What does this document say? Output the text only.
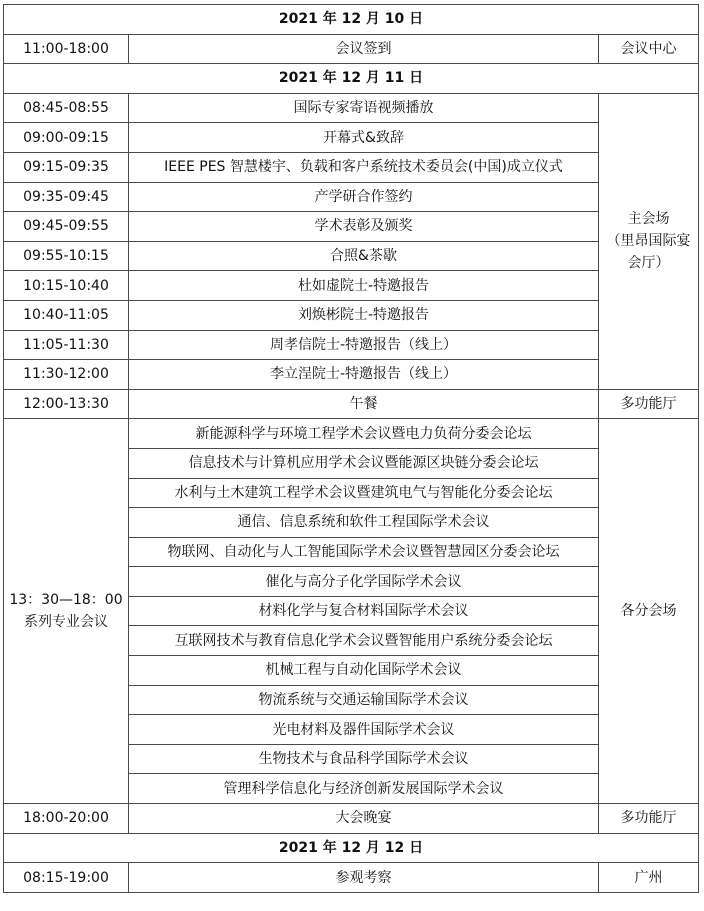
2021 年 12 月 10 日		
11:00-18:00	会议签到	会议中心
2021 年 12 月 11 日		
08:45-08:55	国际专家寄语视频播放	主会场
（里昂国际宴会厅）
09:00-09:15	开幕式&致辞	
09:15-09:35	IEEE PES 智慧楼宇、负载和客户系统技术委员会(中国)成立仪式	
09:35-09:45	产学研合作签约	
09:45-09:55	学术表彰及颁奖	
09:55-10:15	合照&茶歇	
10:15-10:40	杜如虚院士-特邀报告	
10:40-11:05	刘焕彬院士-特邀报告	
11:05-11:30	周孝信院士-特邀报告（线上）	
11:30-12:00	李立浧院士-特邀报告（线上）	
12:00-13:30	午餐	多功能厅
13：30—18：00
系列专业会议	新能源科学与环境工程学术会议暨电力负荷分委会论坛	各分会场
	信息技术与计算机应用学术会议暨能源区块链分委会论坛	
	水利与土木建筑工程学术会议暨建筑电气与智能化分委会论坛	
	通信、信息系统和软件工程国际学术会议	
	物联网、自动化与人工智能国际学术会议暨智慧园区分委会论坛	
	催化与高分子化学国际学术会议	
	材料化学与复合材料国际学术会议	
	互联网技术与教育信息化学术会议暨智能用户系统分委会论坛	
	机械工程与自动化国际学术会议	
	物流系统与交通运输国际学术会议	
	光电材料及器件国际学术会议	
	生物技术与食品科学国际学术会议	
	管理科学信息化与经济创新发展国际学术会议	
18:00-20:00	大会晚宴	多功能厅
2021 年 12 月 12 日		
08:15-19:00	参观考察	广州
